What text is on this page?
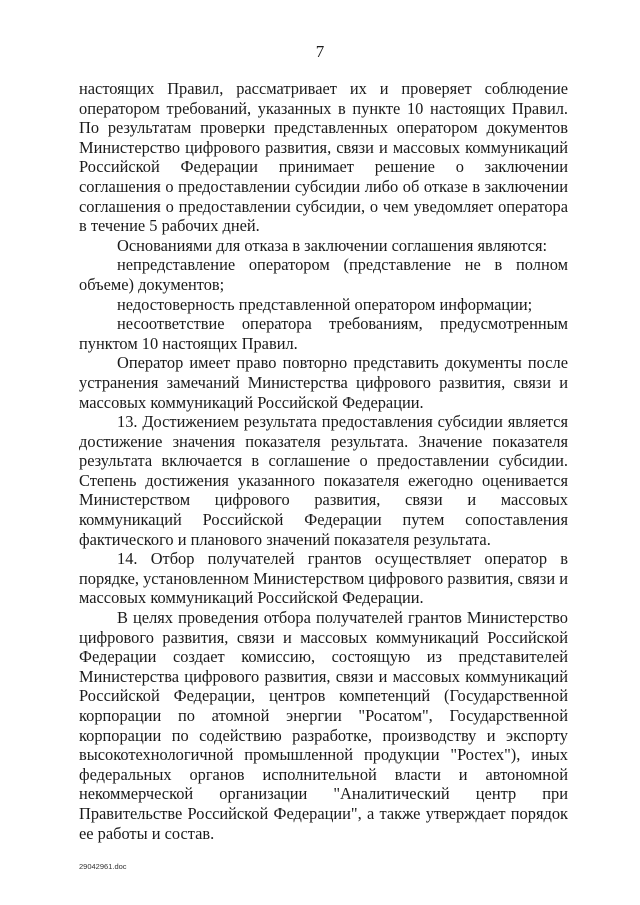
7

настоящих Правил, рассматривает их и проверяет соблюдение оператором требований, указанных в пункте 10 настоящих Правил. По результатам проверки представленных оператором документов Министерство цифрового развития, связи и массовых коммуникаций Российской Федерации принимает решение о заключении соглашения о предоставлении субсидии либо об отказе в заключении соглашения о предоставлении субсидии, о чем уведомляет оператора в течение 5 рабочих дней.

Основаниями для отказа в заключении соглашения являются:

непредставление оператором (представление не в полном объеме) документов;

недостоверность представленной оператором информации;

несоответствие оператора требованиям, предусмотренным пунктом 10 настоящих Правил.

Оператор имеет право повторно представить документы после устранения замечаний Министерства цифрового развития, связи и массовых коммуникаций Российской Федерации.

13. Достижением результата предоставления субсидии является достижение значения показателя результата. Значение показателя результата включается в соглашение о предоставлении субсидии. Степень достижения указанного показателя ежегодно оценивается Министерством цифрового развития, связи и массовых коммуникаций Российской Федерации путем сопоставления фактического и планового значений показателя результата.

14. Отбор получателей грантов осуществляет оператор в порядке, установленном Министерством цифрового развития, связи и массовых коммуникаций Российской Федерации.

В целях проведения отбора получателей грантов Министерство цифрового развития, связи и массовых коммуникаций Российской Федерации создает комиссию, состоящую из представителей Министерства цифрового развития, связи и массовых коммуникаций Российской Федерации, центров компетенций (Государственной корпорации по атомной энергии "Росатом", Государственной корпорации по содействию разработке, производству и экспорту высокотехнологичной промышленной продукции "Ростех"), иных федеральных органов исполнительной власти и автономной некоммерческой организации "Аналитический центр при Правительстве Российской Федерации", а также утверждает порядок ее работы и состав.

29042961.doc
